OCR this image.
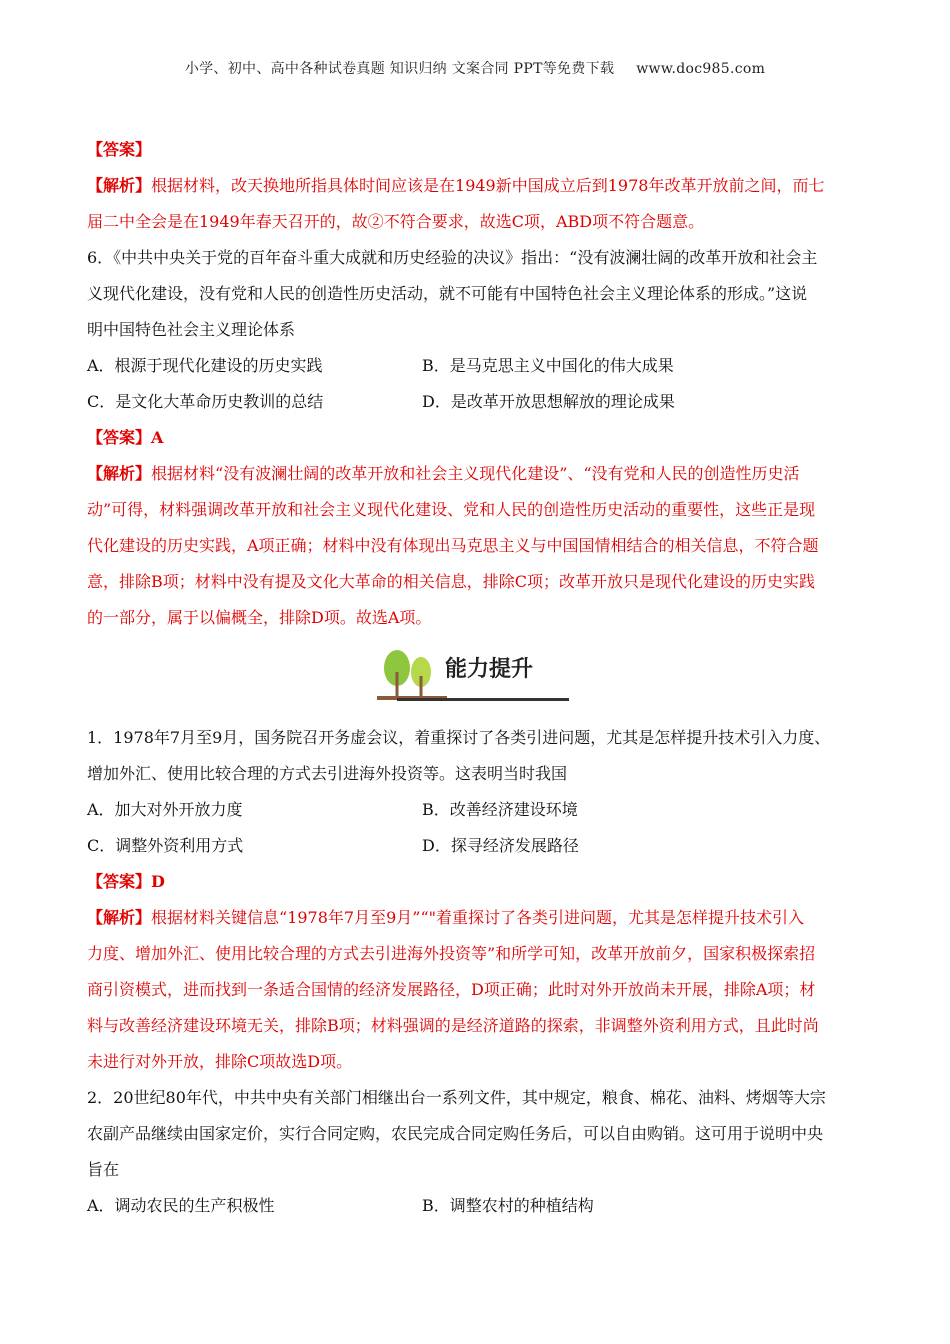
小学、初中、高中各种试卷真题 知识归纳 文案合同 PPT等免费下载 www.doc985.com
【答案】
【解析】根据材料，改天换地所指具体时间应该是在1949新中国成立后到1978年改革开放前之间，而七
届二中全会是在1949年春天召开的，故②不符合要求，故选C项，ABD项不符合题意。
6．《中共中央关于党的百年奋斗重大成就和历史经验的决议》指出：“没有波澜壮阔的改革开放和社会主
义现代化建设，没有党和人民的创造性历史活动，就不可能有中国特色社会主义理论体系的形成。”这说
明中国特色社会主义理论体系
A．根源于现代化建设的历史实践	B．是马克思主义中国化的伟大成果
C．是文化大革命历史教训的总结	D．是改革开放思想解放的理论成果
【答案】A
【解析】根据材料“没有波澜壮阔的改革开放和社会主义现代化建设”、“没有党和人民的创造性历史活
动”可得，材料强调改革开放和社会主义现代化建设、党和人民的创造性历史活动的重要性，这些正是现
代化建设的历史实践，A项正确；材料中没有体现出马克思主义与中国国情相结合的相关信息，不符合题
意，排除B项；材料中没有提及文化大革命的相关信息，排除C项；改革开放只是现代化建设的历史实践
的一部分，属于以偏概全，排除D项。故选A项。
能力提升
1．1978年7月至9月，国务院召开务虚会议，着重探讨了各类引进问题，尤其是怎样提升技术引入力度、
增加外汇、使用比较合理的方式去引进海外投资等。这表明当时我国
A．加大对外开放力度	B．改善经济建设环境
C．调整外资利用方式	D．探寻经济发展路径
【答案】D
【解析】根据材料关键信息“1978年7月至9月”“"着重探讨了各类引进问题，尤其是怎样提升技术引入
力度、增加外汇、使用比较合理的方式去引进海外投资等”和所学可知，改革开放前夕，国家积极探索招
商引资模式，进而找到一条适合国情的经济发展路径，D项正确；此时对外开放尚未开展，排除A项；材
料与改善经济建设环境无关，排除B项；材料强调的是经济道路的探索，非调整外资利用方式，且此时尚
未进行对外开放，排除C项故选D项。
2．20世纪80年代，中共中央有关部门相继出台一系列文件，其中规定，粮食、棉花、油料、烤烟等大宗
农副产品继续由国家定价，实行合同定购，农民完成合同定购任务后，可以自由购销。这可用于说明中央
旨在
A．调动农民的生产积极性	B．调整农村的种植结构
